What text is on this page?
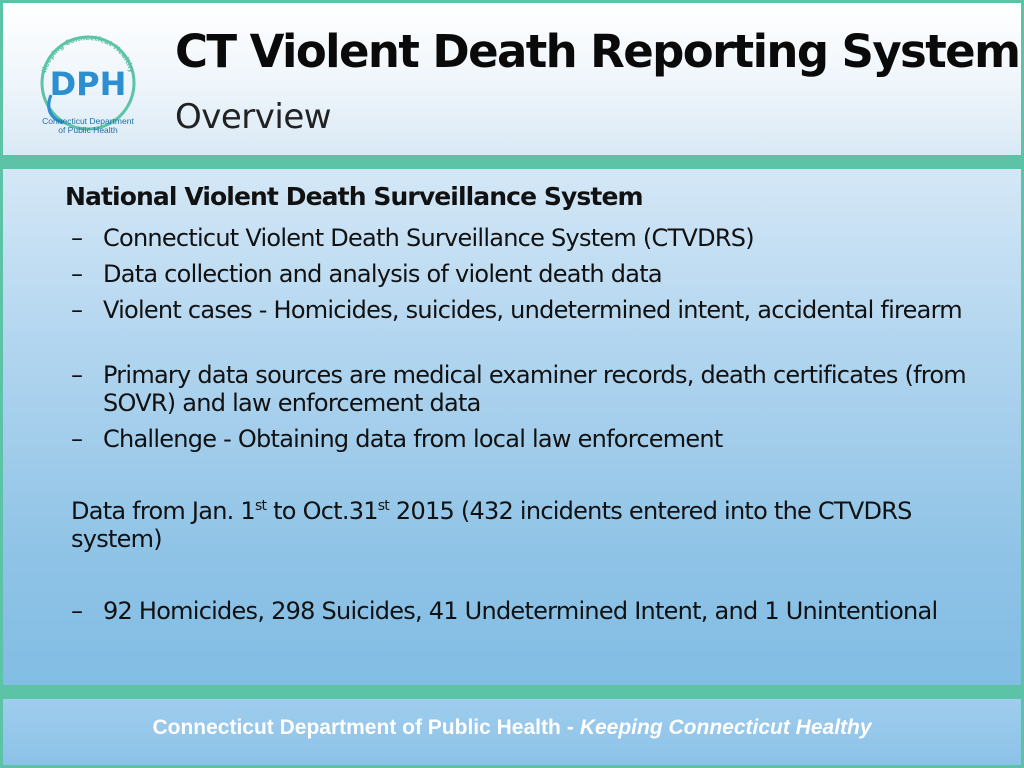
Keeping Connecticut Healthy
DPH
Connecticut Department
of Public Health
CT Violent Death Reporting System
Overview
National Violent Death Surveillance System
– Connecticut Violent Death Surveillance System (CTVDRS)
– Data collection and analysis of violent death data
– Violent cases - Homicides, suicides, undetermined intent, accidental firearm
– Primary data sources are medical examiner records, death certificates (from SOVR) and law enforcement data
– Challenge - Obtaining data from local law enforcement
Data from Jan. 1st to Oct.31st 2015 (432 incidents entered into the CTVDRS system)
– 92 Homicides, 298 Suicides, 41 Undetermined Intent, and 1 Unintentional
Connecticut Department of Public Health - Keeping Connecticut Healthy
